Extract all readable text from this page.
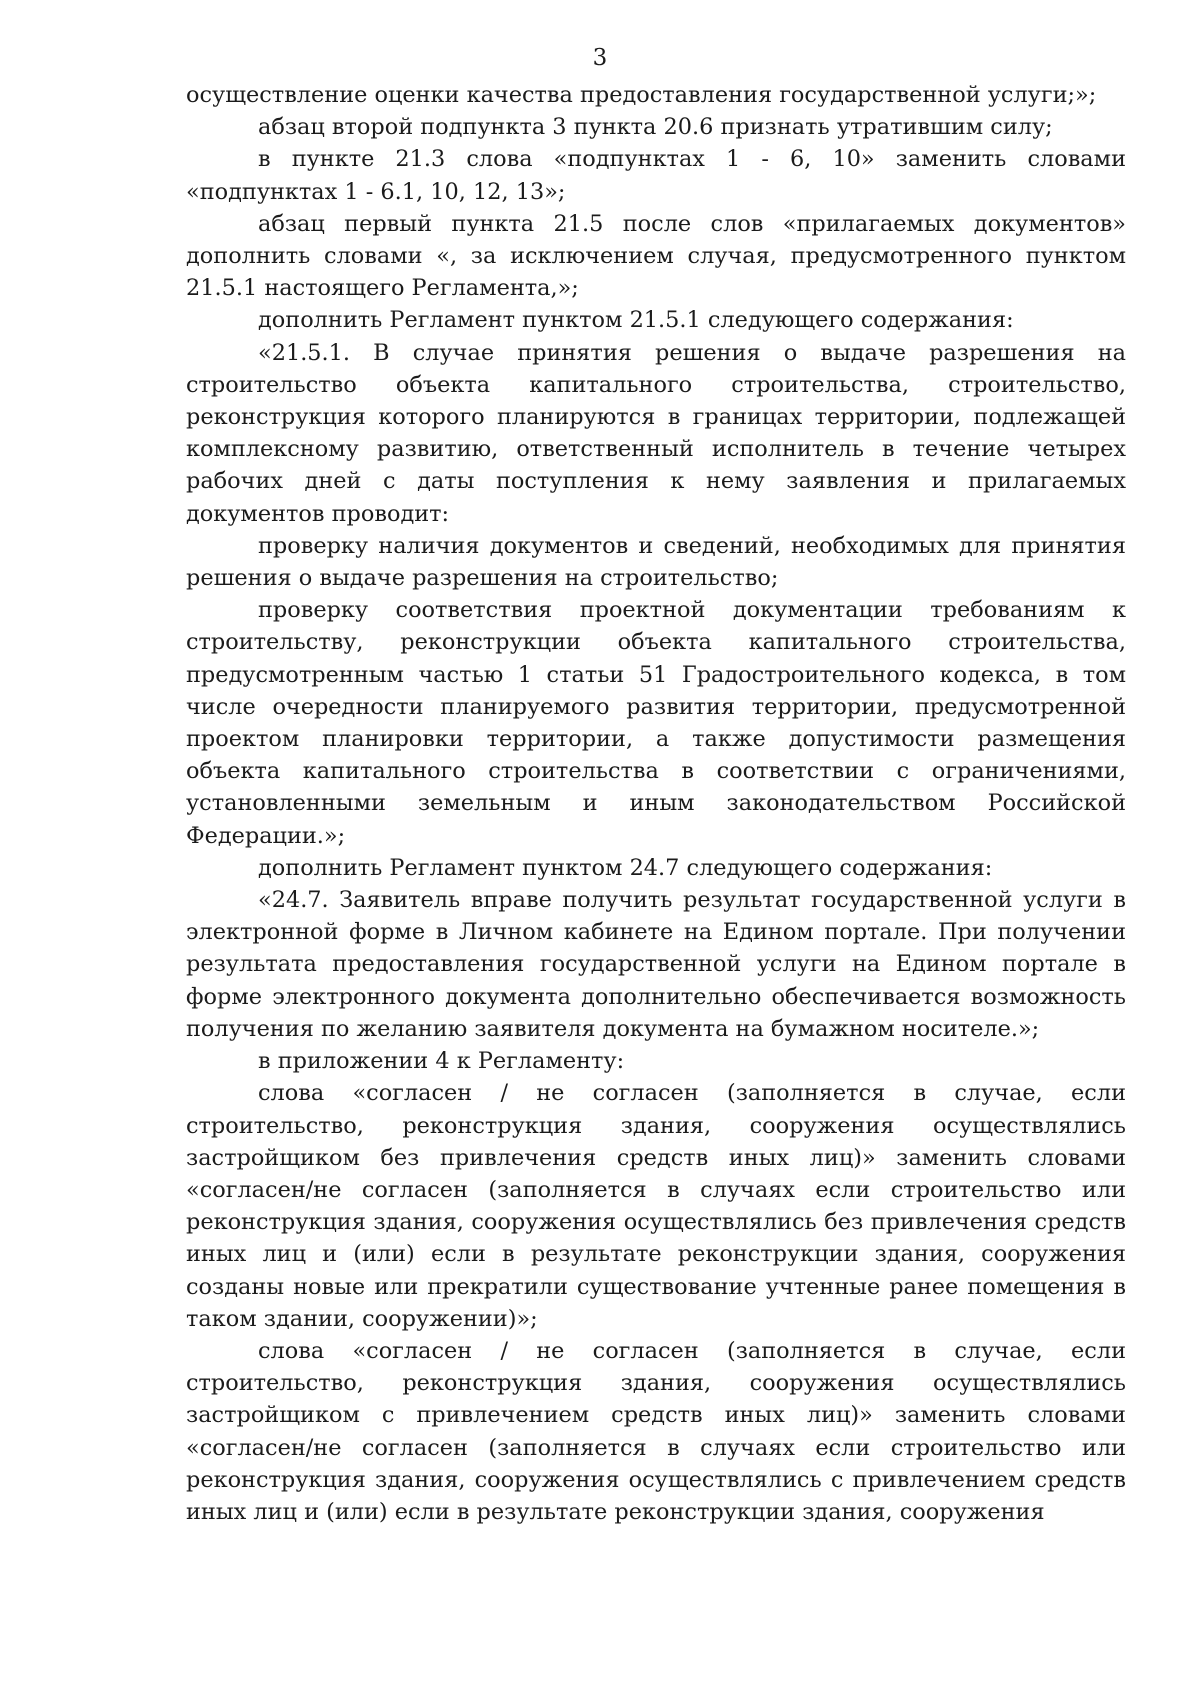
3

осуществление оценки качества предоставления государственной услуги;»;

абзац второй подпункта 3 пункта 20.6 признать утратившим силу;

в пункте 21.3 слова «подпунктах 1 - 6, 10» заменить словами «подпунктах 1 - 6.1, 10, 12, 13»;

абзац первый пункта 21.5 после слов «прилагаемых документов» дополнить словами «, за исключением случая, предусмотренного пунктом 21.5.1 настоящего Регламента,»;

дополнить Регламент пунктом 21.5.1 следующего содержания:

«21.5.1. В случае принятия решения о выдаче разрешения на строительство объекта капитального строительства, строительство, реконструкция которого планируются в границах территории, подлежащей комплексному развитию, ответственный исполнитель в течение четырех рабочих дней с даты поступления к нему заявления и прилагаемых документов проводит:

проверку наличия документов и сведений, необходимых для принятия решения о выдаче разрешения на строительство;

проверку соответствия проектной документации требованиям к строительству, реконструкции объекта капитального строительства, предусмотренным частью 1 статьи 51 Градостроительного кодекса, в том числе очередности планируемого развития территории, предусмотренной проектом планировки территории, а также допустимости размещения объекта капитального строительства в соответствии с ограничениями, установленными земельным и иным законодательством Российской Федерации.»;

дополнить Регламент пунктом 24.7 следующего содержания:

«24.7. Заявитель вправе получить результат государственной услуги в электронной форме в Личном кабинете на Едином портале. При получении результата предоставления государственной услуги на Едином портале в форме электронного документа дополнительно обеспечивается возможность получения по желанию заявителя документа на бумажном носителе.»;

в приложении 4 к Регламенту:

слова «согласен / не согласен (заполняется в случае, если строительство, реконструкция здания, сооружения осуществлялись застройщиком без привлечения средств иных лиц)» заменить словами «согласен/не согласен (заполняется в случаях если строительство или реконструкция здания, сооружения осуществлялись без привлечения средств иных лиц и (или) если в результате реконструкции здания, сооружения созданы новые или прекратили существование учтенные ранее помещения в таком здании, сооружении)»;

слова «согласен / не согласен (заполняется в случае, если строительство, реконструкция здания, сооружения осуществлялись застройщиком с привлечением средств иных лиц)» заменить словами «согласен/не согласен (заполняется в случаях если строительство или реконструкция здания, сооружения осуществлялись с привлечением средств иных лиц и (или) если в результате реконструкции здания, сооружения
